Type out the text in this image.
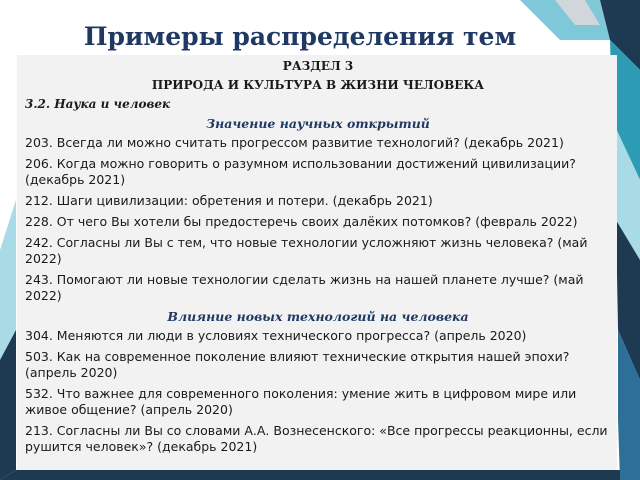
Примеры распределения тем
РАЗДЕЛ 3
ПРИРОДА И КУЛЬТУРА В ЖИЗНИ ЧЕЛОВЕКА
3.2. Наука и человек
Значение научных открытий
203. Всегда ли можно считать прогрессом развитие технологий? (декабрь 2021)
206. Когда можно говорить о разумном использовании достижений цивилизации? (декабрь 2021)
212. Шаги цивилизации: обретения и потери. (декабрь 2021)
228. От чего Вы хотели бы предостеречь своих далёких потомков? (февраль 2022)
242. Согласны ли Вы с тем, что новые технологии усложняют жизнь человека? (май 2022)
243. Помогают ли новые технологии сделать жизнь на нашей планете лучше? (май 2022)
Влияние новых технологий на человека
304. Меняются ли люди в условиях технического прогресса? (апрель 2020)
503. Как на современное поколение влияют технические открытия нашей эпохи? (апрель 2020)
532. Что важнее для современного поколения: умение жить в цифровом мире или живое общение? (апрель 2020)
213. Согласны ли Вы со словами А.А. Вознесенского: «Все прогрессы реакционны, если рушится человек»? (декабрь 2021)
